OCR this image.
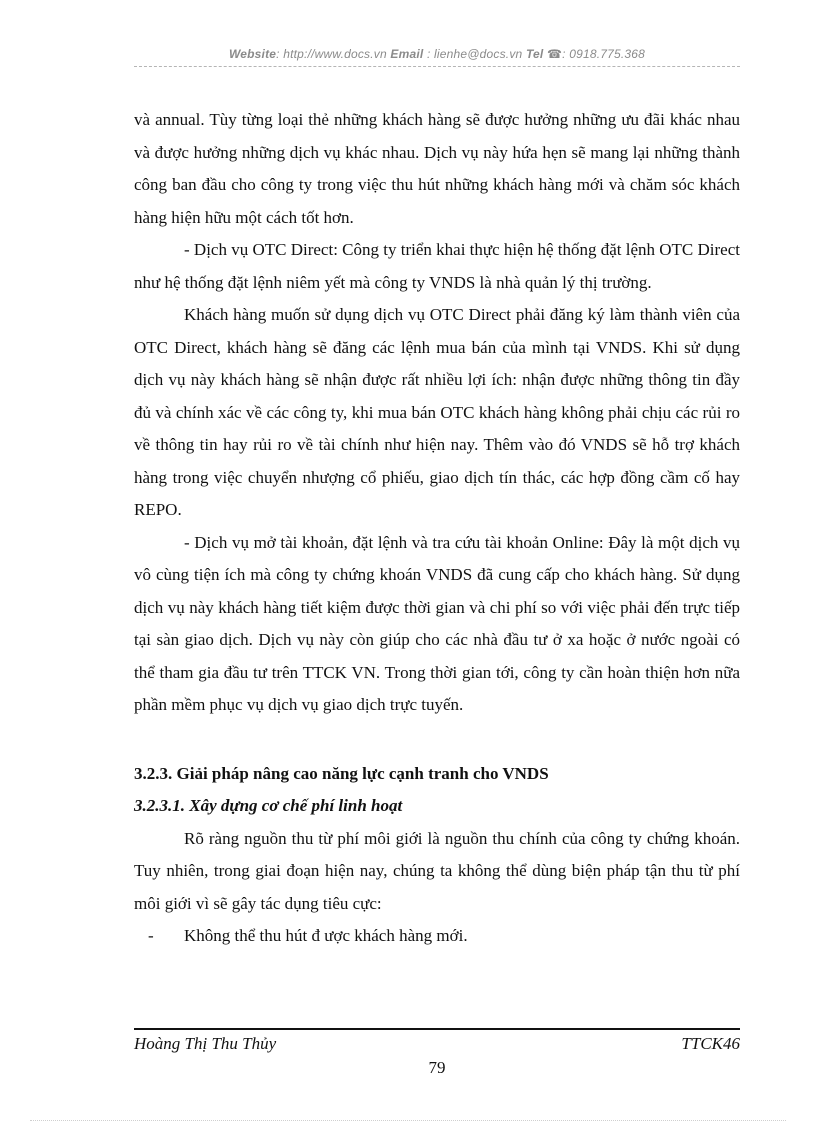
Website: http://www.docs.vn Email : lienhe@docs.vn Tel ☎: 0918.775.368

và annual. Tùy từng loại thẻ những khách hàng sẽ được hưởng những ưu đãi khác nhau và được hưởng những dịch vụ khác nhau. Dịch vụ này hứa hẹn sẽ mang lại những thành công ban đầu cho công ty trong việc thu hút những khách hàng mới và chăm sóc khách hàng hiện hữu một cách tốt hơn.

- Dịch vụ OTC Direct: Công ty triển khai thực hiện hệ thống đặt lệnh OTC Direct như hệ thống đặt lệnh niêm yết mà công ty VNDS là nhà quản lý thị trường.

Khách hàng muốn sử dụng dịch vụ OTC Direct phải đăng ký làm thành viên của OTC Direct, khách hàng sẽ đăng các lệnh mua bán của mình tại VNDS. Khi sử dụng dịch vụ này khách hàng sẽ nhận được rất nhiều lợi ích: nhận được những thông tin đầy đủ và chính xác về các công ty, khi mua bán OTC khách hàng không phải chịu các rủi ro về thông tin hay rủi ro về tài chính như hiện nay. Thêm vào đó VNDS sẽ hỗ trợ khách hàng trong việc chuyển nhượng cổ phiếu, giao dịch tín thác, các hợp đồng cầm cố hay REPO.

- Dịch vụ mở tài khoản, đặt lệnh và tra cứu tài khoản Online: Đây là một dịch vụ vô cùng tiện ích mà công ty chứng khoán VNDS đã cung cấp cho khách hàng. Sử dụng dịch vụ này khách hàng tiết kiệm được thời gian và chi phí so với việc phải đến trực tiếp tại sàn giao dịch. Dịch vụ này còn giúp cho các nhà đầu tư ở xa hoặc ở nước ngoài có thể tham gia đầu tư trên TTCK VN. Trong thời gian tới, công ty cần hoàn thiện hơn nữa phần mềm phục vụ dịch vụ giao dịch trực tuyến.

3.2.3. Giải pháp nâng cao năng lực cạnh tranh cho VNDS

3.2.3.1. Xây dựng cơ chế phí linh hoạt

Rõ ràng nguồn thu từ phí môi giới là nguồn thu chính của công ty chứng khoán. Tuy nhiên, trong giai đoạn hiện nay, chúng ta không thể dùng biện pháp tận thu từ phí môi giới vì sẽ gây tác dụng tiêu cực:

-	Không thể thu hút đ ược khách hàng mới.
Hoàng Thị Thu Thủy	TTCK46
79
